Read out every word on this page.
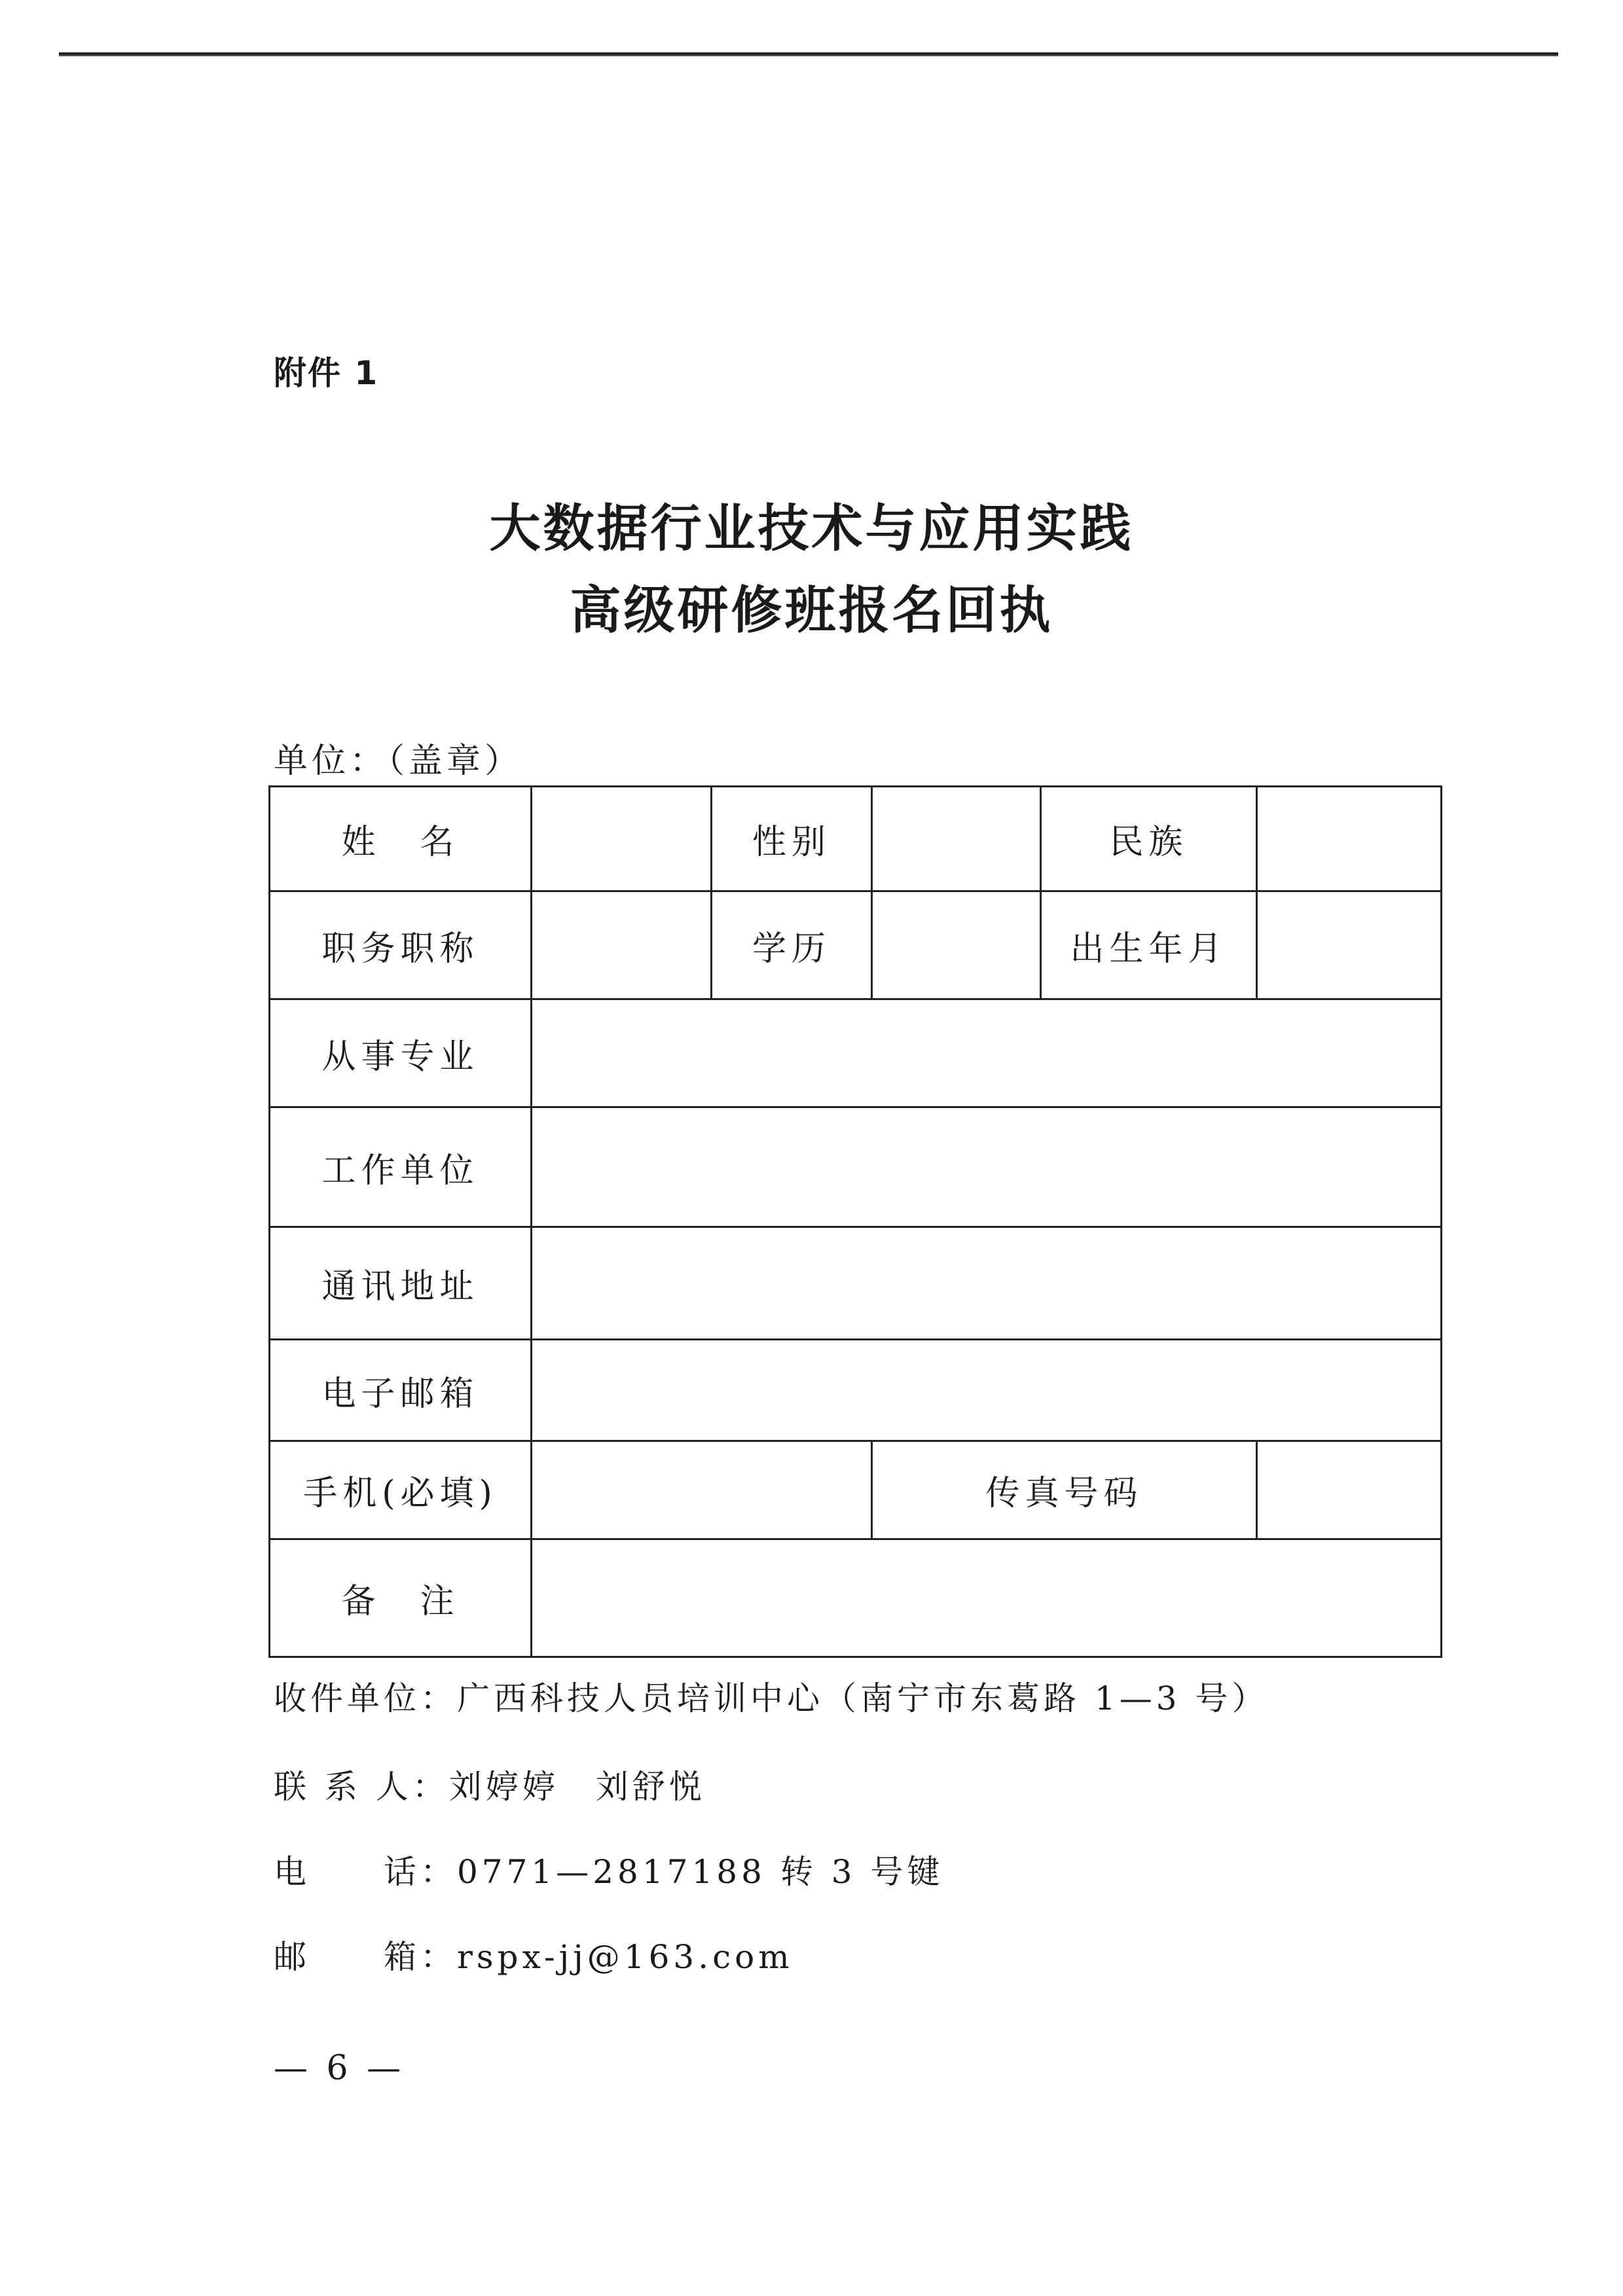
附件 1
大数据行业技术与应用实践
高级研修班报名回执
单位：（盖章）
姓　名		性别		民族	
职务职称		学历		出生年月	
从事专业					
工作单位					
通讯地址					
电子邮箱					
手机(必填)			传真号码		
备　注					
收件单位：广西科技人员培训中心（南宁市东葛路 1—3 号）
联 系 人：刘婷婷　刘舒悦
电　　话：0771—2817188 转 3 号键
邮　　箱：rspx-jj@163.com
— 6 —
